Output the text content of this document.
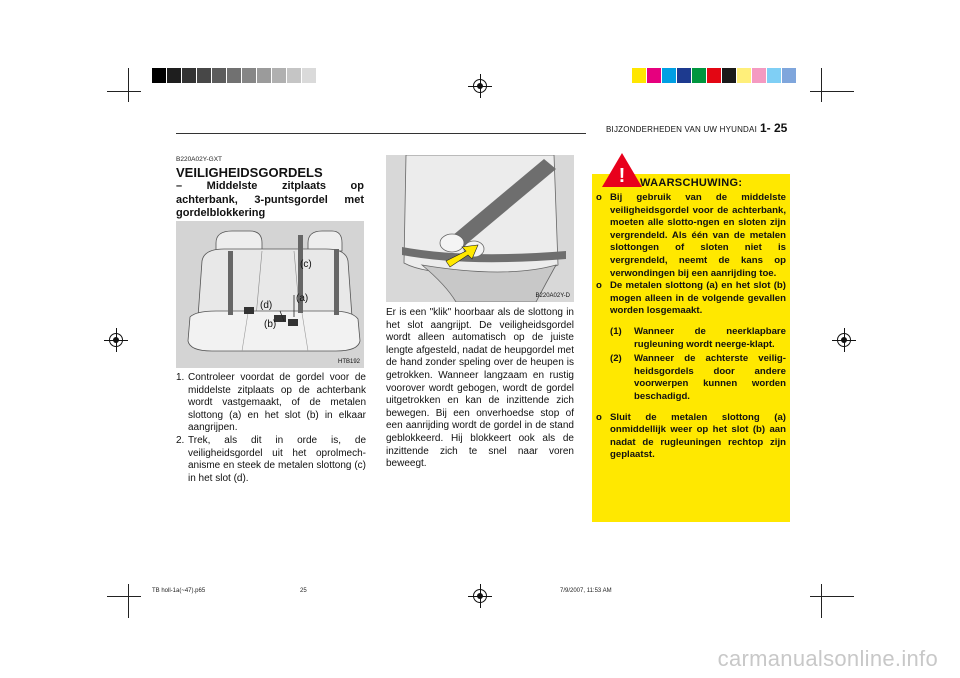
BIJZONDERHEDEN VAN UW HYUNDAI 1- 25
B220A02Y-GXT
VEILIGHEIDSGORDELS
– Middelste zitplaats op achterbank, 3-puntsgordel met gordelblokkering
(c)
(a)
(d)
(b)
HTB192
1. Controleer voordat de gordel voor de middelste zitplaats op de achterbank wordt vastgemaakt, of de metalen slottong (a) en het slot (b) in elkaar aangrijpen.
2. Trek, als dit in orde is, de veiligheidsgordel uit het oprolmech-anisme en steek de metalen slottong (c) in het slot (d).
B220A02Y-D
Er is een "klik" hoorbaar als de slottong in het slot aangrijpt. De veiligheidsgordel wordt alleen automatisch op de juiste lengte afgesteld, nadat de heupgordel met de hand zonder speling over de heupen is getrokken. Wanneer langzaam en rustig voorover wordt gebogen, wordt de gordel uitgetrokken en kan de inzittende zich bewegen. Bij een onverhoedse stop of een aanrijding wordt de gordel in de stand geblokkeerd. Hij blokkeert ook als de inzittende zich te snel naar voren beweegt.
! WAARSCHUWING:
o Bij gebruik van de middelste veiligheidsgordel voor de achterbank, moeten alle slotto-ngen en sloten zijn vergrendeld. Als één van de metalen slottongen of sloten niet is vergrendeld, neemt de kans op verwondingen bij een aanrijding toe.
o De metalen slottong (a) en het slot (b) mogen alleen in de volgende gevallen worden losgemaakt.
(1)	Wanneer de neerklapbare rugleuning wordt neerge-klapt.
(2)	Wanneer de achterste veilig-heidsgordels door andere voorwerpen kunnen worden beschadigd.
o Sluit de metalen slottong (a) onmiddellijk weer op het slot (b) aan nadat de rugleuningen rechtop zijn geplaatst.
TB holl-1a(~47).p65	25	7/9/2007, 11:53 AM
carmanualsonline.info
